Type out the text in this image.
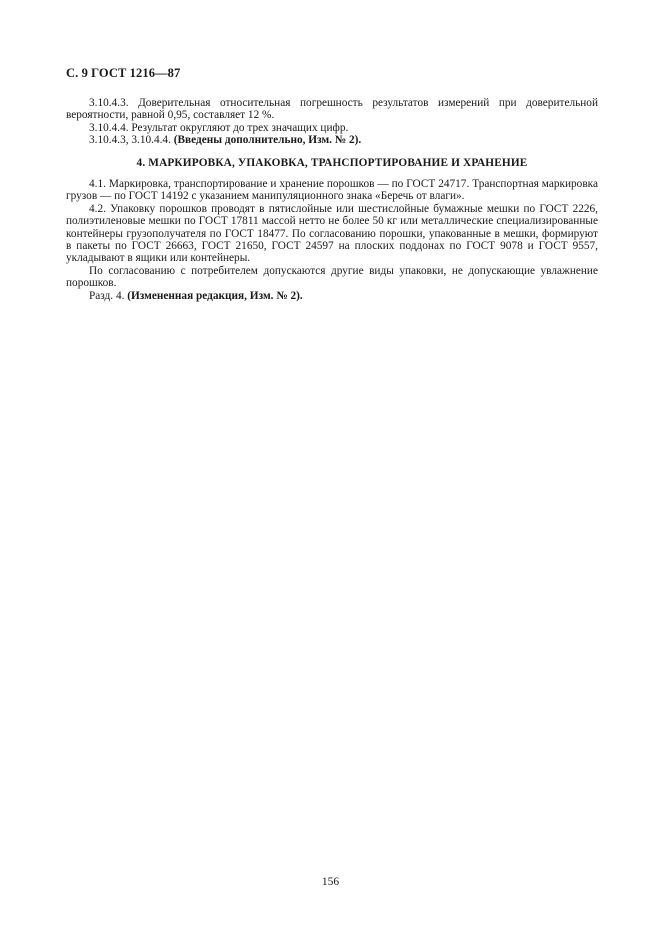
С. 9 ГОСТ 1216—87

3.10.4.3. Доверительная относительная погрешность результатов измерений при доверительной вероятности, равной 0,95, составляет 12 %.

3.10.4.4. Результат округляют до трех значащих цифр.

3.10.4.3, 3.10.4.4. (Введены дополнительно, Изм. № 2).

4. МАРКИРОВКА, УПАКОВКА, ТРАНСПОРТИРОВАНИЕ И ХРАНЕНИЕ

4.1. Маркировка, транспортирование и хранение порошков — по ГОСТ 24717. Транспортная маркировка грузов — по ГОСТ 14192 с указанием манипуляционного знака «Беречь от влаги».

4.2. Упаковку порошков проводят в пятислойные или шестислойные бумажные мешки по ГОСТ 2226, полиэтиленовые мешки по ГОСТ 17811 массой нетто не более 50 кг или металлические специализированные контейнеры грузополучателя по ГОСТ 18477. По согласованию порошки, упакованные в мешки, формируют в пакеты по ГОСТ 26663, ГОСТ 21650, ГОСТ 24597 на плоских поддонах по ГОСТ 9078 и ГОСТ 9557, укладывают в ящики или контейнеры.

По согласованию с потребителем допускаются другие виды упаковки, не допускающие увлажнение порошков.

Разд. 4. (Измененная редакция, Изм. № 2).

156
